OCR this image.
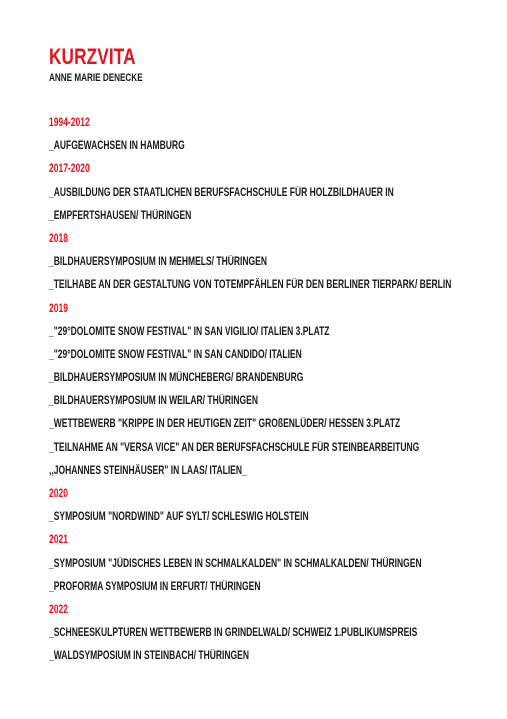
KURZVITA

ANNE MARIE DENECKE

1994-2012
_AUFGEWACHSEN IN HAMBURG
2017-2020
_AUSBILDUNG DER STAATLICHEN BERUFSFACHSCHULE FÜR HOLZBILDHAUER IN
_EMPFERTSHAUSEN/ THÜRINGEN
2018
_BILDHAUERSYMPOSIUM IN MEHMELS/ THÜRINGEN
_TEILHABE AN DER GESTALTUNG VON TOTEMPFÄHLEN FÜR DEN BERLINER TIERPARK/ BERLIN
2019
_"29°DOLOMITE SNOW FESTIVAL" IN SAN VIGILIO/ ITALIEN 3.PLATZ
_"29°DOLOMITE SNOW FESTIVAL" IN SAN CANDIDO/ ITALIEN
_BILDHAUERSYMPOSIUM IN MÜNCHEBERG/ BRANDENBURG
_BILDHAUERSYMPOSIUM IN WEILAR/ THÜRINGEN
_WETTBEWERB "KRIPPE IN DER HEUTIGEN ZEIT" GROßENLÜDER/ HESSEN 3.PLATZ
_TEILNAHME AN "VERSA VICE" AN DER BERUFSFACHSCHULE FÜR STEINBEARBEITUNG
,,JOHANNES STEINHÄUSER" IN LAAS/ ITALIEN_
2020
_SYMPOSIUM "NORDWIND" AUF SYLT/ SCHLESWIG HOLSTEIN
2021
_SYMPOSIUM "JÜDISCHES LEBEN IN SCHMALKALDEN" IN SCHMALKALDEN/ THÜRINGEN
_PROFORMA SYMPOSIUM IN ERFURT/ THÜRINGEN
2022
_SCHNEESKULPTUREN WETTBEWERB IN GRINDELWALD/ SCHWEIZ 1.PUBLIKUMSPREIS
_WALDSYMPOSIUM IN STEINBACH/ THÜRINGEN
